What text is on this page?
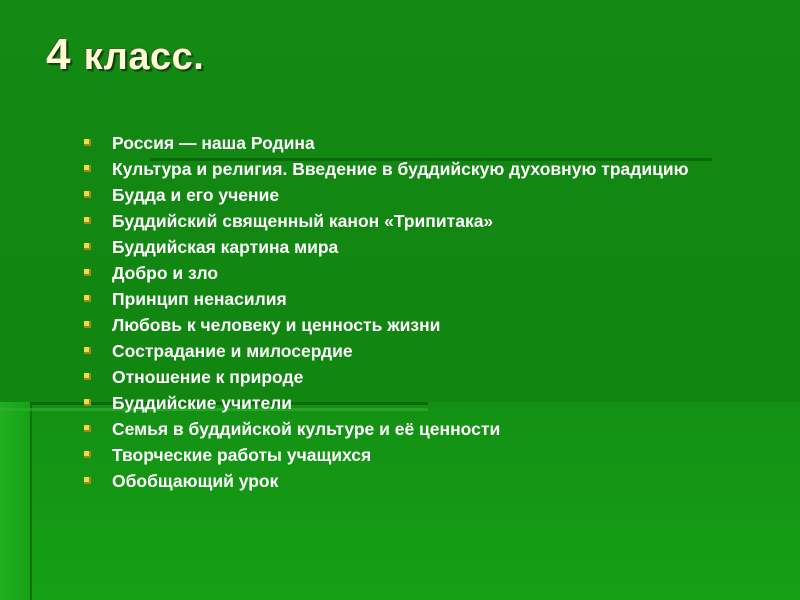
4 класс.
Россия — наша Родина
Культура и религия. Введение в буддийскую духовную традицию
Будда и его учение
Буддийский священный канон «Трипитака»
Буддийская картина мира
Добро и зло
Принцип ненасилия
Любовь к человеку и ценность жизни
Сострадание и милосердие
Отношение к природе
Буддийские учители
Семья в буддийской культуре и её ценности
Творческие работы учащихся
Обобщающий урок
